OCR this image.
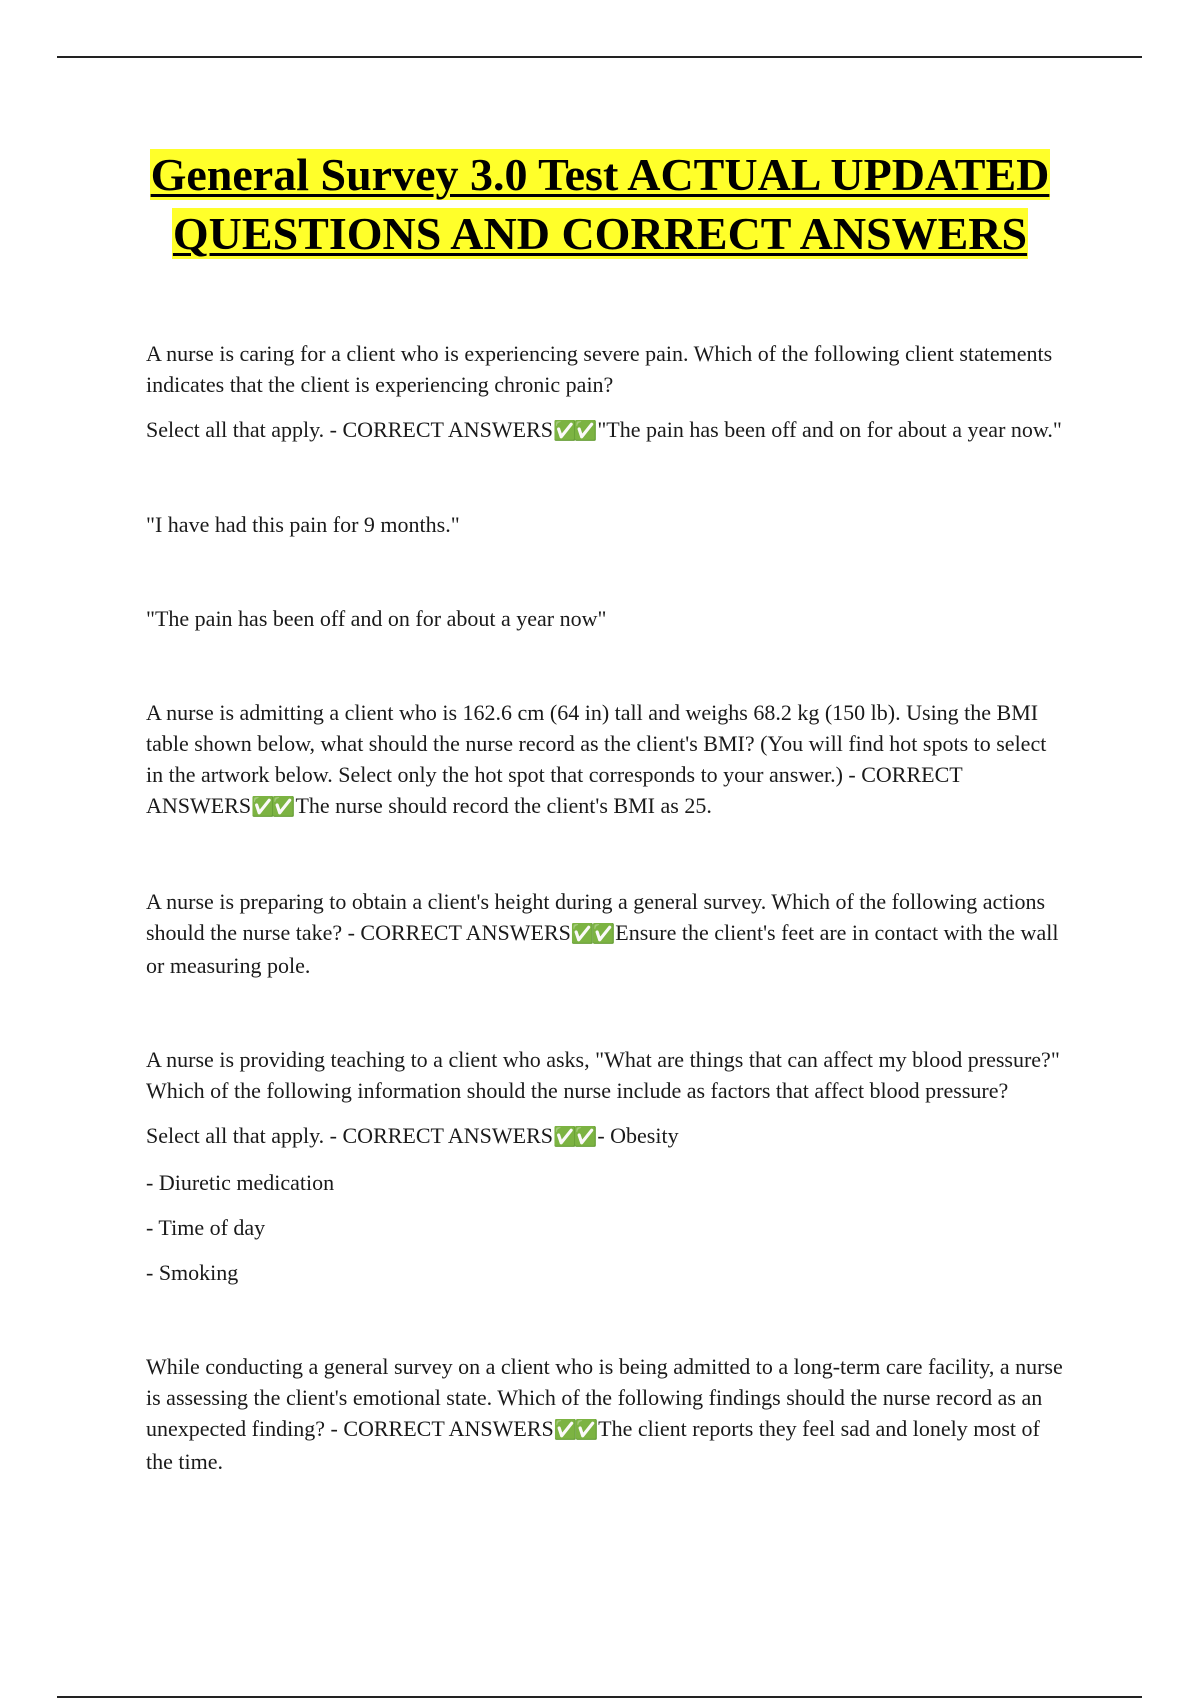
General Survey 3.0 Test ACTUAL UPDATED QUESTIONS AND CORRECT ANSWERS

A nurse is caring for a client who is experiencing severe pain. Which of the following client statements indicates that the client is experiencing chronic pain?

Select all that apply. - CORRECT ANSWERS✅✅ "The pain has been off and on for about a year now."

"I have had this pain for 9 months."

"The pain has been off and on for about a year now"

A nurse is admitting a client who is 162.6 cm (64 in) tall and weighs 68.2 kg (150 lb). Using the BMI table shown below, what should the nurse record as the client's BMI? (You will find hot spots to select in the artwork below. Select only the hot spot that corresponds to your answer.) - CORRECT ANSWERS✅✅ The nurse should record the client's BMI as 25.

A nurse is preparing to obtain a client's height during a general survey. Which of the following actions should the nurse take? - CORRECT ANSWERS✅✅ Ensure the client's feet are in contact with the wall or measuring pole.

A nurse is providing teaching to a client who asks, "What are things that can affect my blood pressure?" Which of the following information should the nurse include as factors that affect blood pressure?

Select all that apply. - CORRECT ANSWERS✅✅ - Obesity

- Diuretic medication

- Time of day

- Smoking

While conducting a general survey on a client who is being admitted to a long-term care facility, a nurse is assessing the client's emotional state. Which of the following findings should the nurse record as an unexpected finding? - CORRECT ANSWERS✅✅ The client reports they feel sad and lonely most of the time.
